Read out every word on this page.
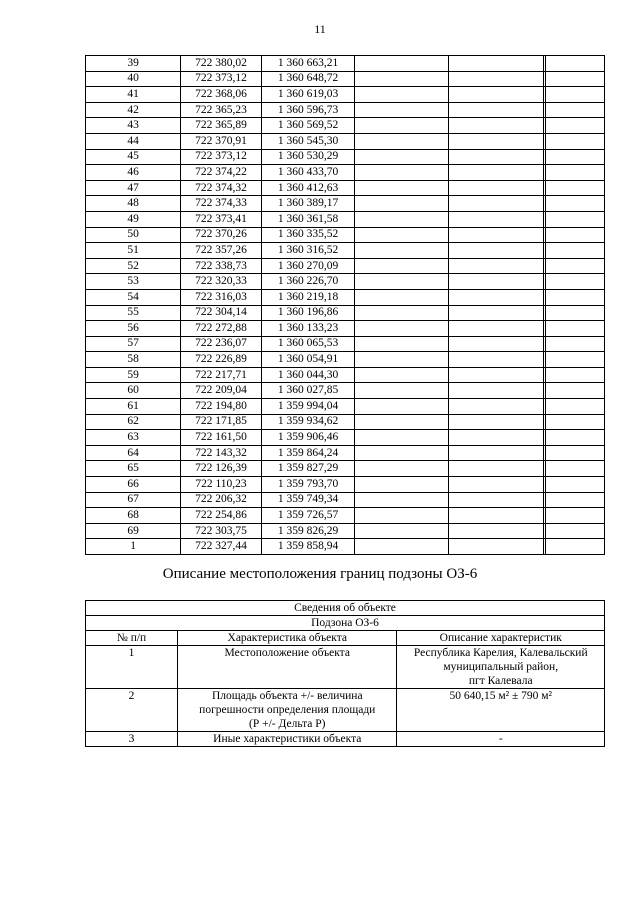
11
39	722 380,02	1 360 663,21				
40	722 373,12	1 360 648,72				
41	722 368,06	1 360 619,03				
42	722 365,23	1 360 596,73				
43	722 365,89	1 360 569,52				
44	722 370,91	1 360 545,30				
45	722 373,12	1 360 530,29				
46	722 374,22	1 360 433,70				
47	722 374,32	1 360 412,63				
48	722 374,33	1 360 389,17				
49	722 373,41	1 360 361,58				
50	722 370,26	1 360 335,52				
51	722 357,26	1 360 316,52				
52	722 338,73	1 360 270,09				
53	722 320,33	1 360 226,70				
54	722 316,03	1 360 219,18				
55	722 304,14	1 360 196,86				
56	722 272,88	1 360 133,23				
57	722 236,07	1 360 065,53				
58	722 226,89	1 360 054,91				
59	722 217,71	1 360 044,30				
60	722 209,04	1 360 027,85				
61	722 194,80	1 359 994,04				
62	722 171,85	1 359 934,62				
63	722 161,50	1 359 906,46				
64	722 143,32	1 359 864,24				
65	722 126,39	1 359 827,29				
66	722 110,23	1 359 793,70				
67	722 206,32	1 359 749,34				
68	722 254,86	1 359 726,57				
69	722 303,75	1 359 826,29				
1	722 327,44	1 359 858,94				
Описание местоположения границ подзоны ОЗ-6
Сведения об объекте		
Подзона ОЗ-6		
№ п/п	Характеристика объекта	Описание характеристик
1	Местоположение объекта	Республика Карелия, Калевальский
муниципальный район,
пгт Калевала

2	Площадь объекта +/- величина
погрешности определения площади
(Р +/- Дельта Р)	50 640,15 м² ± 790 м²

3	Иные характеристики объекта	-
